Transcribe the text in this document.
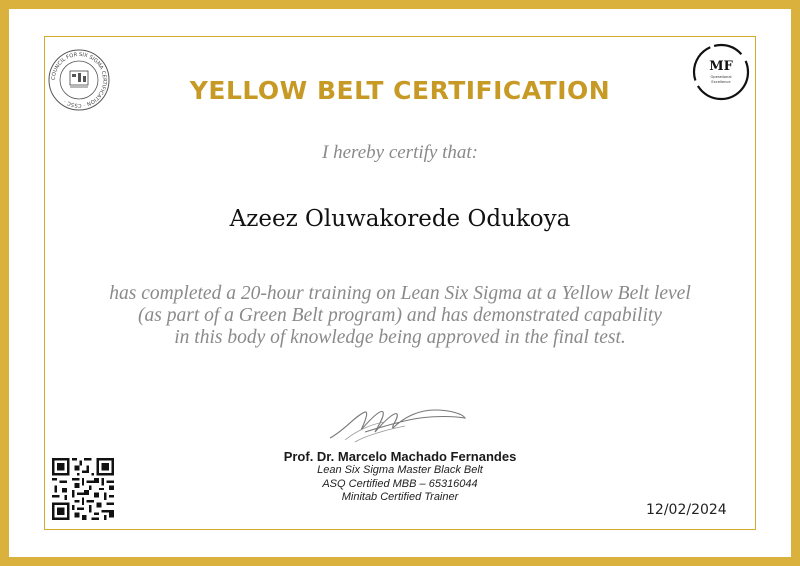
COUNCIL FOR SIX SIGMA CERTIFICATION · CSSC ·
MF
Operational
Excellence
YELLOW BELT CERTIFICATION
I hereby certify that:
Azeez Oluwakorede Odukoya
has completed a 20-hour training on Lean Six Sigma at a Yellow Belt level
(as part of a Green Belt program) and has demonstrated capability
in this body of knowledge being approved in the final test.
Prof. Dr. Marcelo Machado Fernandes
Lean Six Sigma Master Black Belt
ASQ Certified MBB – 65316044
Minitab Certified Trainer
12/02/2024
